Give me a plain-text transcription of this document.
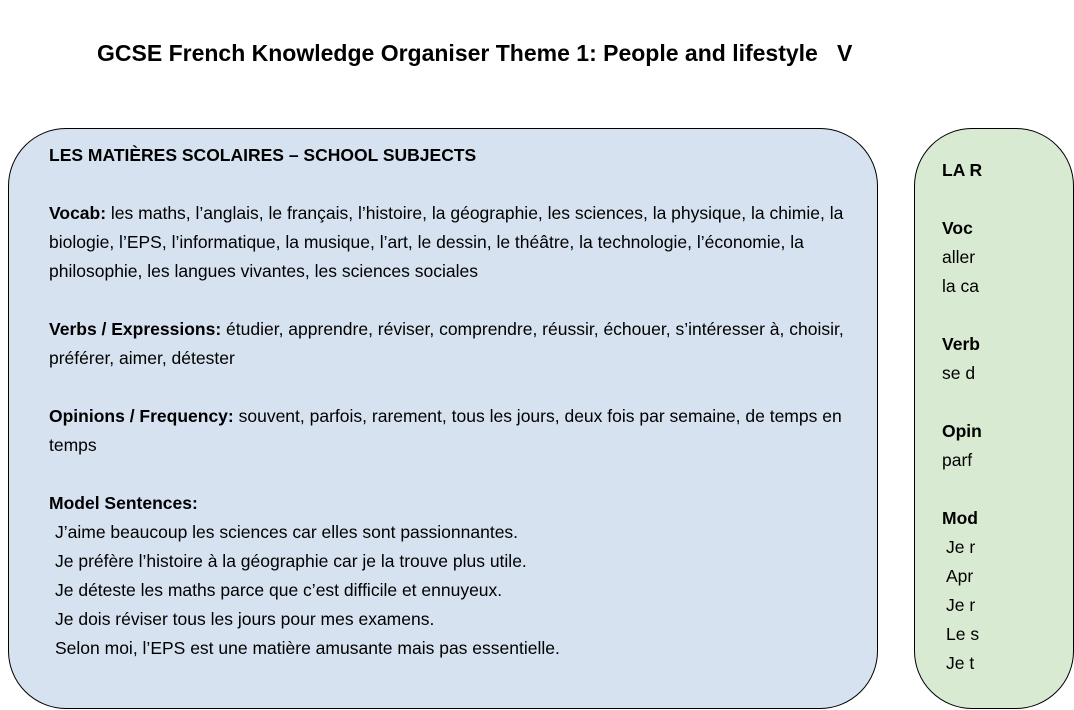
GCSE French Knowledge Organiser Theme 1: People and lifestyle V

LES MATIÈRES SCOLAIRES – SCHOOL SUBJECTS

Vocab: les maths, l’anglais, le français, l’histoire, la géographie, les sciences, la physique, la chimie, la biologie, l’EPS, l’informatique, la musique, l’art, le dessin, le théâtre, la technologie, l’économie, la philosophie, les langues vivantes, les sciences sociales

Verbs / Expressions: étudier, apprendre, réviser, comprendre, réussir, échouer, s’intéresser à, choisir, préférer, aimer, détester

Opinions / Frequency: souvent, parfois, rarement, tous les jours, deux fois par semaine, de temps en temps

Model Sentences:

J’aime beaucoup les sciences car elles sont passionnantes.

Je préfère l’histoire à la géographie car je la trouve plus utile.

Je déteste les maths parce que c’est difficile et ennuyeux.

Je dois réviser tous les jours pour mes examens.

Selon moi, l’EPS est une matière amusante mais pas essentielle.

LA R

Voc

aller

la ca

Verb

se d

Opin

parf

Mod

Je r

Apr

Je r

Le s

Je t
